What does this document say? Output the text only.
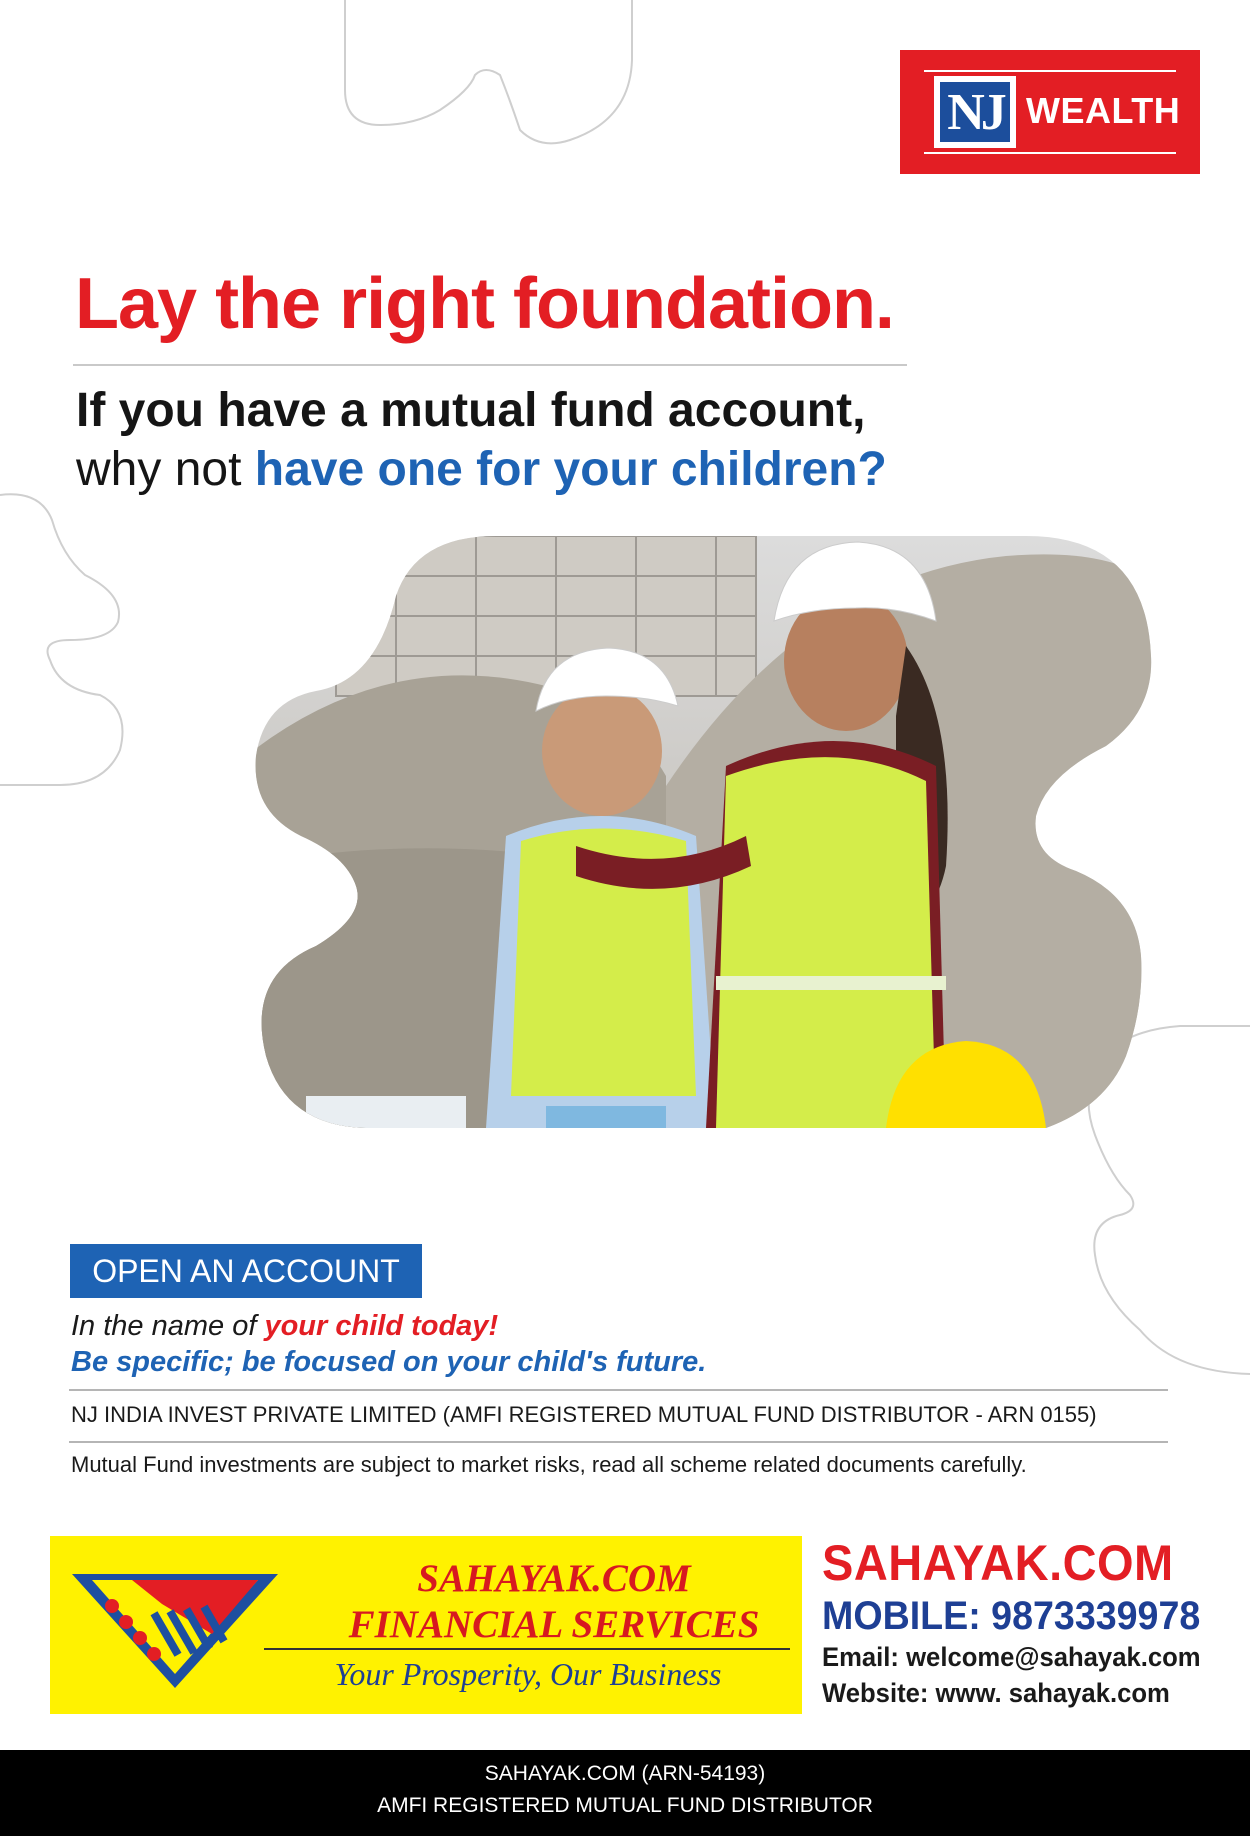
NJ WEALTH
Lay the right foundation.
If you have a mutual fund account,
why not have one for your children?
OPEN AN ACCOUNT
In the name of your child today!
Be specific; be focused on your child's future.
NJ INDIA INVEST PRIVATE LIMITED (AMFI REGISTERED MUTUAL FUND DISTRIBUTOR - ARN 0155)
Mutual Fund investments are subject to market risks, read all scheme related documents carefully.
SAHAYAK.COM
FINANCIAL SERVICES
Your Prosperity, Our Business
SAHAYAK.COM
MOBILE: 9873339978
Email: welcome@sahayak.com
Website: www. sahayak.com
SAHAYAK.COM (ARN-54193)
AMFI REGISTERED MUTUAL FUND DISTRIBUTOR
